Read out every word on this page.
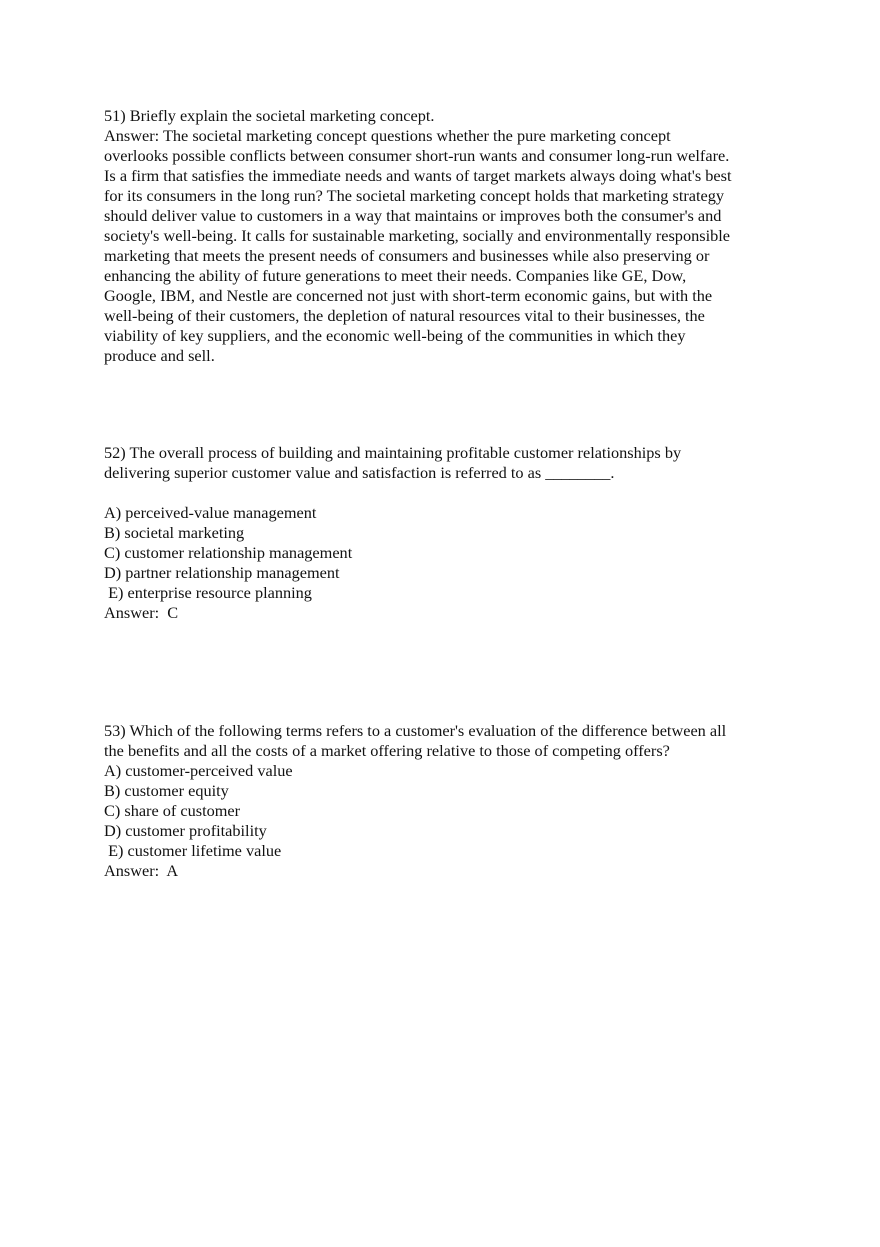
51) Briefly explain the societal marketing concept.
Answer: The societal marketing concept questions whether the pure marketing concept
overlooks possible conflicts between consumer short-run wants and consumer long-run welfare.
Is a firm that satisfies the immediate needs and wants of target markets always doing what's best
for its consumers in the long run? The societal marketing concept holds that marketing strategy
should deliver value to customers in a way that maintains or improves both the consumer's and
society's well-being. It calls for sustainable marketing, socially and environmentally responsible
marketing that meets the present needs of consumers and businesses while also preserving or
enhancing the ability of future generations to meet their needs. Companies like GE, Dow,
Google, IBM, and Nestle are concerned not just with short-term economic gains, but with the
well-being of their customers, the depletion of natural resources vital to their businesses, the
viability of key suppliers, and the economic well-being of the communities in which they
produce and sell.
52) The overall process of building and maintaining profitable customer relationships by
delivering superior customer value and satisfaction is referred to as ________.
A) perceived-value management
B) societal marketing
C) customer relationship management
D) partner relationship management
E) enterprise resource planning
Answer:  C
53) Which of the following terms refers to a customer's evaluation of the difference between all
the benefits and all the costs of a market offering relative to those of competing offers?
A) customer-perceived value
B) customer equity
C) share of customer
D) customer profitability
E) customer lifetime value
Answer:  A
